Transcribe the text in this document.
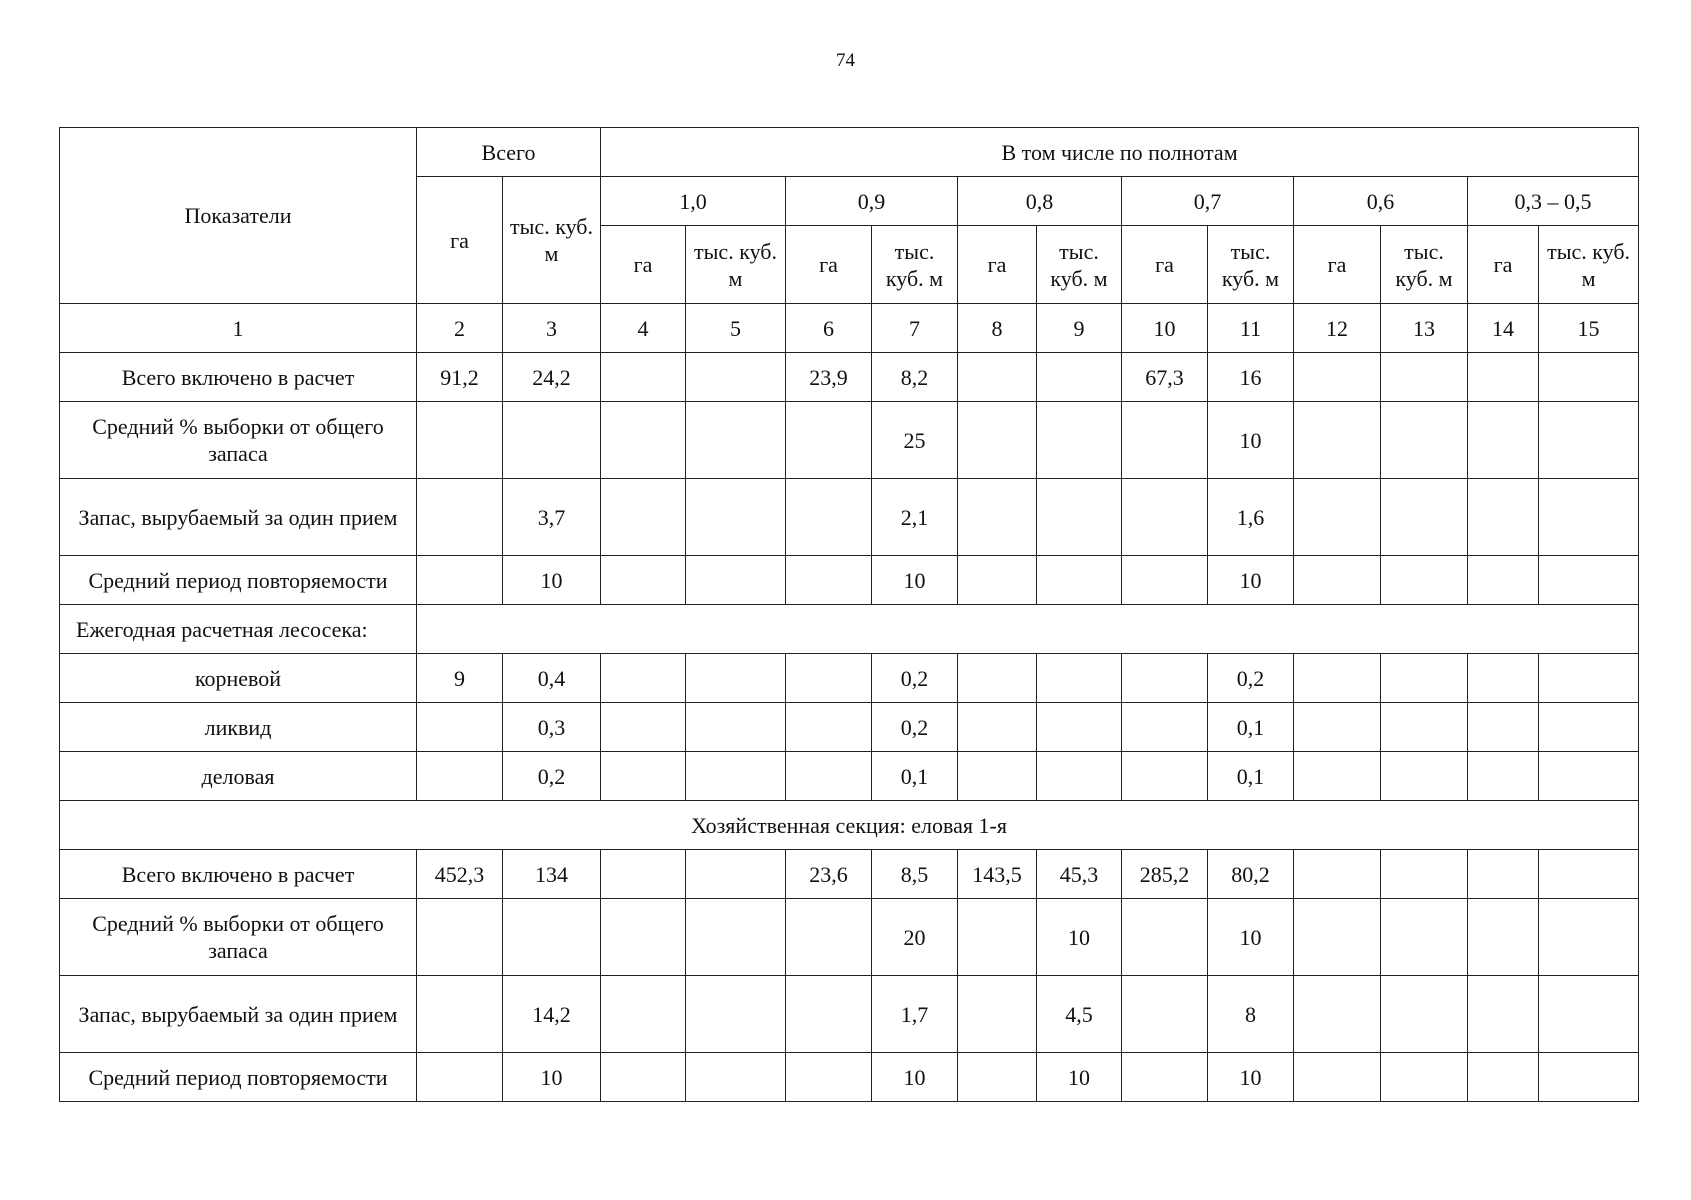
74
Показатели	Всего		В том числе по полнотам											
	га	тыс. куб. м	1,0		0,9		0,8		0,7		0,6		0,3 – 0,5	
			га	тыс. куб. м	га	тыс. куб. м	га	тыс. куб. м	га	тыс. куб. м	га	тыс. куб. м	га	тыс. куб. м
1	2	3	4	5	6	7	8	9	10	11	12	13	14	15
Всего включено в расчет	91,2	24,2			23,9	8,2			67,3	16				
Средний % выборки от общего запаса						25				10				
Запас, вырубаемый за один прием		3,7				2,1				1,6				
Средний период повторяемости		10				10				10				
Ежегодная расчетная лесосека:														
корневой	9	0,4				0,2				0,2				
ликвид		0,3				0,2				0,1				
деловая		0,2				0,1				0,1				
Хозяйственная секция: еловая 1-я														
Всего включено в расчет	452,3	134			23,6	8,5	143,5	45,3	285,2	80,2				
Средний % выборки от общего запаса						20		10		10				
Запас, вырубаемый за один прием		14,2				1,7		4,5		8				
Средний период повторяемости		10				10		10		10				
